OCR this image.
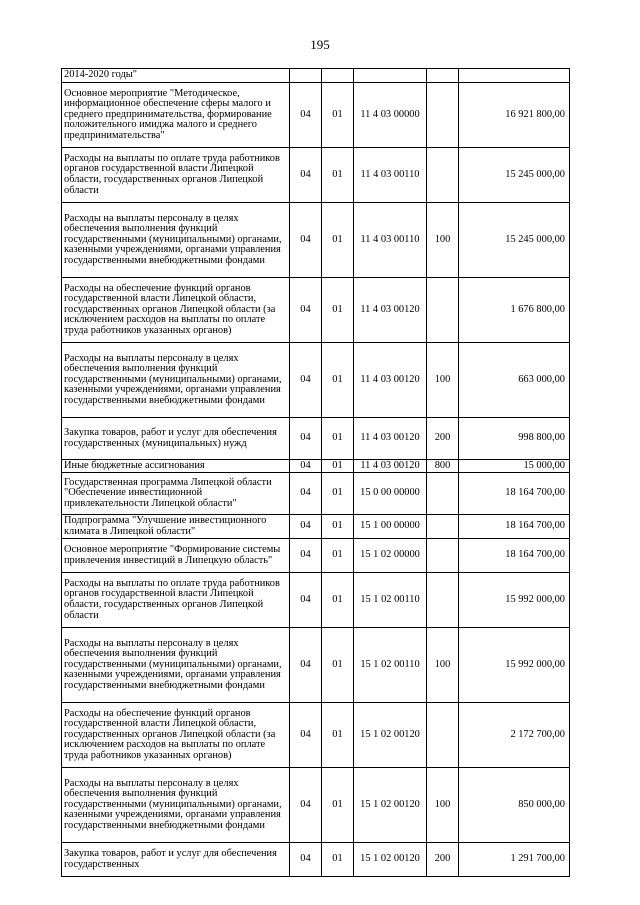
195
2014-2020 годы"					
Основное мероприятие "Методическое, информационное обеспечение сферы малого и среднего предпринимательства, формирование положительного имиджа малого и среднего предпринимательства"	04	01	11 4 03 00000		16 921 800,00
Расходы на выплаты по оплате труда работников органов государственной власти Липецкой области, государственных органов Липецкой области	04	01	11 4 03 00110		15 245 000,00
Расходы на выплаты персоналу в целях обеспечения выполнения функций государственными (муниципальными) органами, казенными учреждениями, органами управления государственными внебюджетными фондами	04	01	11 4 03 00110	100	15 245 000,00
Расходы на обеспечение функций органов государственной власти Липецкой области, государственных органов Липецкой области (за исключением расходов на выплаты по оплате труда работников указанных органов)	04	01	11 4 03 00120		1 676 800,00
Расходы на выплаты персоналу в целях обеспечения выполнения функций государственными (муниципальными) органами, казенными учреждениями, органами управления государственными внебюджетными фондами	04	01	11 4 03 00120	100	663 000,00
Закупка товаров, работ и услуг для обеспечения государственных (муниципальных) нужд	04	01	11 4 03 00120	200	998 800,00
Иные бюджетные ассигнования	04	01	11 4 03 00120	800	15 000,00
Государственная программа Липецкой области "Обеспечение инвестиционной привлекательности Липецкой области"	04	01	15 0 00 00000		18 164 700,00
Подпрограмма "Улучшение инвестиционного климата в Липецкой области"	04	01	15 1 00 00000		18 164 700,00
Основное мероприятие "Формирование системы привлечения инвестиций в Липецкую область"	04	01	15 1 02 00000		18 164 700,00
Расходы на выплаты по оплате труда работников органов государственной власти Липецкой области, государственных органов Липецкой области	04	01	15 1 02 00110		15 992 000,00
Расходы на выплаты персоналу в целях обеспечения выполнения функций государственными (муниципальными) органами, казенными учреждениями, органами управления государственными внебюджетными фондами	04	01	15 1 02 00110	100	15 992 000,00
Расходы на обеспечение функций органов государственной власти Липецкой области, государственных органов Липецкой области (за исключением расходов на выплаты по оплате труда работников указанных органов)	04	01	15 1 02 00120		2 172 700,00
Расходы на выплаты персоналу в целях обеспечения выполнения функций государственными (муниципальными) органами, казенными учреждениями, органами управления государственными внебюджетными фондами	04	01	15 1 02 00120	100	850 000,00
Закупка товаров, работ и услуг для обеспечения государственных	04	01	15 1 02 00120	200	1 291 700,00
